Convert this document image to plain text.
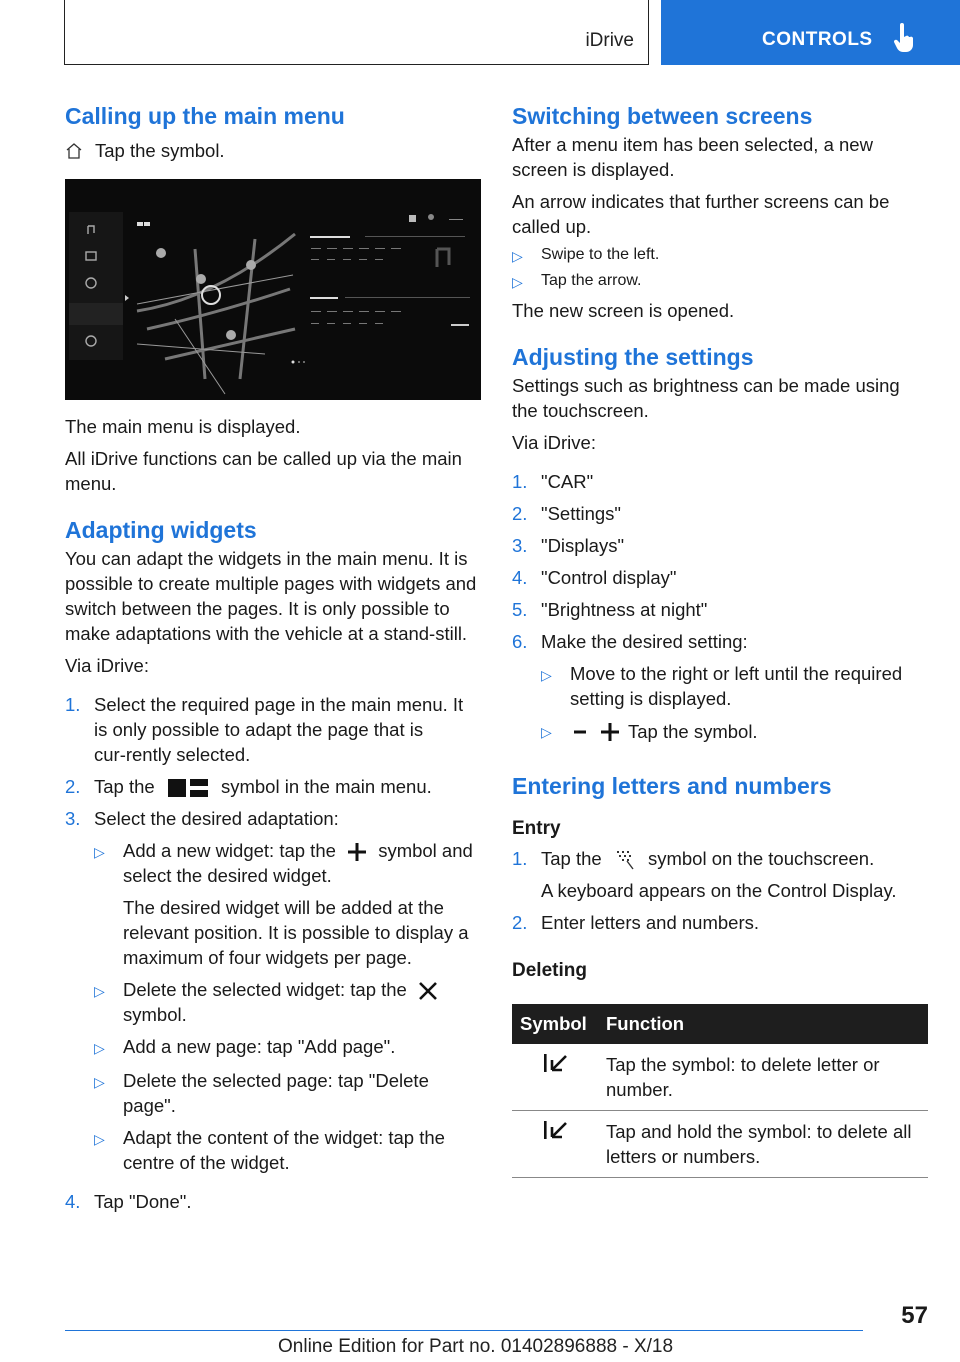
iDrive	CONTROLS
Calling up the main menu

Tap the symbol.

The main menu is displayed.

All iDrive functions can be called up via the main menu.

Adapting widgets

You can adapt the widgets in the main menu. It is possible to create multiple pages with widgets and switch between the pages. It is only possible to make adaptations with the vehicle at a stand‑still.

Via iDrive:

1. Select the required page in the main menu. It is only possible to adapt the page that is cur‑rently selected.
2. Tap the	symbol in the main menu.
3. Select the desired adaptation:
▷ Add a new widget: tap the symbol and select the desired widget.

The desired widget will be added at the relevant position. It is possible to display a maximum of four widgets per page.

▷ Delete the selected widget: tap the  symbol.
▷ Add a new page: tap "Add page".
▷ Delete the selected page: tap "Delete page".
▷ Adapt the content of the widget: tap the centre of the widget.
4. Tap "Done".
Switching between screens

After a menu item has been selected, a new screen is displayed.

An arrow indicates that further screens can be called up.

▷	Swipe to the left.
▷	Tap the arrow.

The new screen is opened.

Adjusting the settings

Settings such as brightness can be made using the touchscreen.

Via iDrive:

1. "CAR"
2. "Settings"
3. "Displays"
4. "Control display"
5. "Brightness at night"
6. Make the desired setting:
▷ Move to the right or left until the required setting is displayed.
▷	Tap the symbol.
Entering letters and numbers
Entry
1. Tap the	symbol on the touchscreen.

A keyboard appears on the Control Display.

2. Enter letters and numbers.
Deleting
Symbol	Function
	Tap the symbol: to delete letter or number.
	Tap and hold the symbol: to delete all letters or numbers.
57
Online Edition for Part no. 01402896888 - X/18
